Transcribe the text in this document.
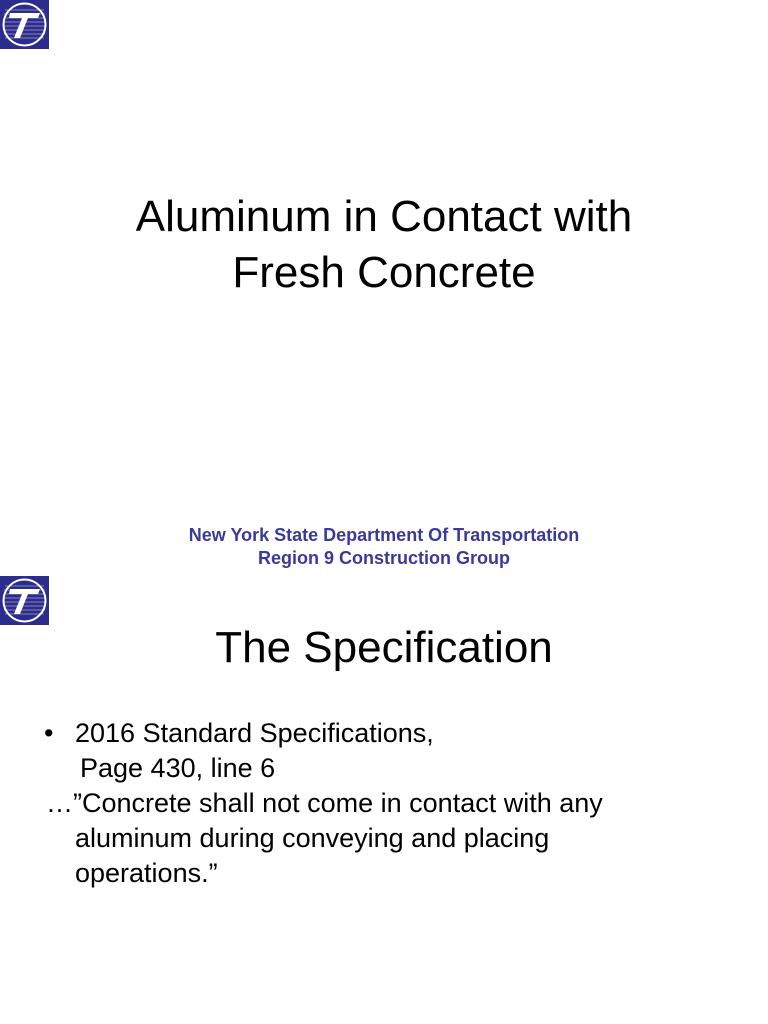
Aluminum in Contact with
Fresh Concrete
New York State Department Of Transportation
Region 9 Construction Group
The Specification
• 2016 Standard Specifications,
Page 430, line 6
…”Concrete shall not come in contact with any
aluminum during conveying and placing
operations.”
